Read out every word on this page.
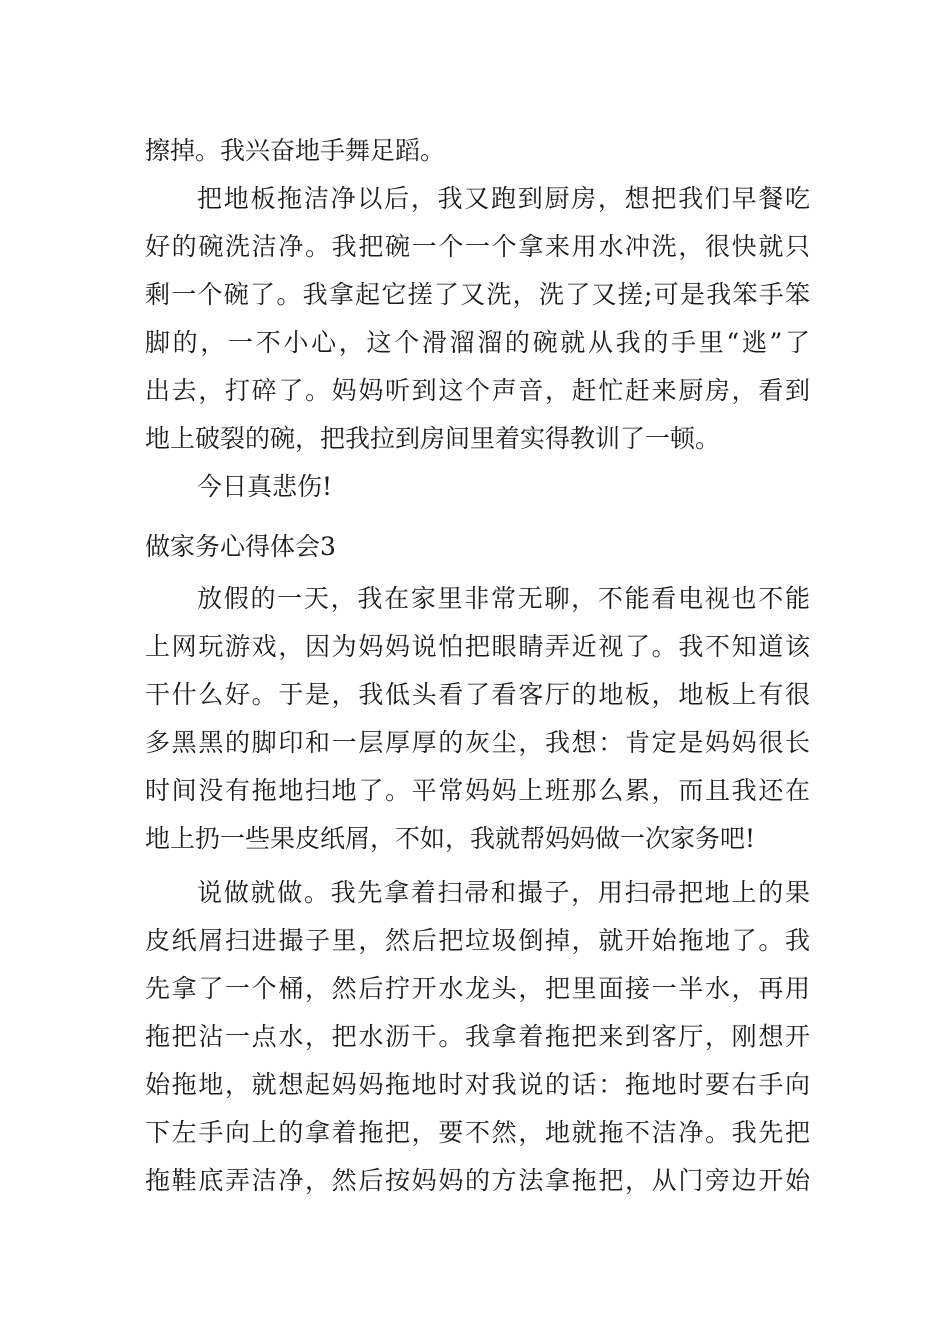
擦掉。我兴奋地手舞足蹈。

把地板拖洁净以后，我又跑到厨房，想把我们早餐吃

好的碗洗洁净。我把碗一个一个拿来用水冲洗，很快就只

剩一个碗了。我拿起它搓了又洗，洗了又搓;可是我笨手笨

脚的，一不小心，这个滑溜溜的碗就从我的手里“逃”了

出去，打碎了。妈妈听到这个声音，赶忙赶来厨房，看到

地上破裂的碗，把我拉到房间里着实得教训了一顿。

今日真悲伤!

做家务心得体会3

放假的一天，我在家里非常无聊，不能看电视也不能

上网玩游戏，因为妈妈说怕把眼睛弄近视了。我不知道该

干什么好。于是，我低头看了看客厅的地板，地板上有很

多黑黑的脚印和一层厚厚的灰尘，我想：肯定是妈妈很长

时间没有拖地扫地了。平常妈妈上班那么累，而且我还在

地上扔一些果皮纸屑，不如，我就帮妈妈做一次家务吧!

说做就做。我先拿着扫帚和撮子，用扫帚把地上的果

皮纸屑扫进撮子里，然后把垃圾倒掉，就开始拖地了。我

先拿了一个桶，然后拧开水龙头，把里面接一半水，再用

拖把沾一点水，把水沥干。我拿着拖把来到客厅，刚想开

始拖地，就想起妈妈拖地时对我说的话：拖地时要右手向

下左手向上的拿着拖把，要不然，地就拖不洁净。我先把

拖鞋底弄洁净，然后按妈妈的方法拿拖把，从门旁边开始
